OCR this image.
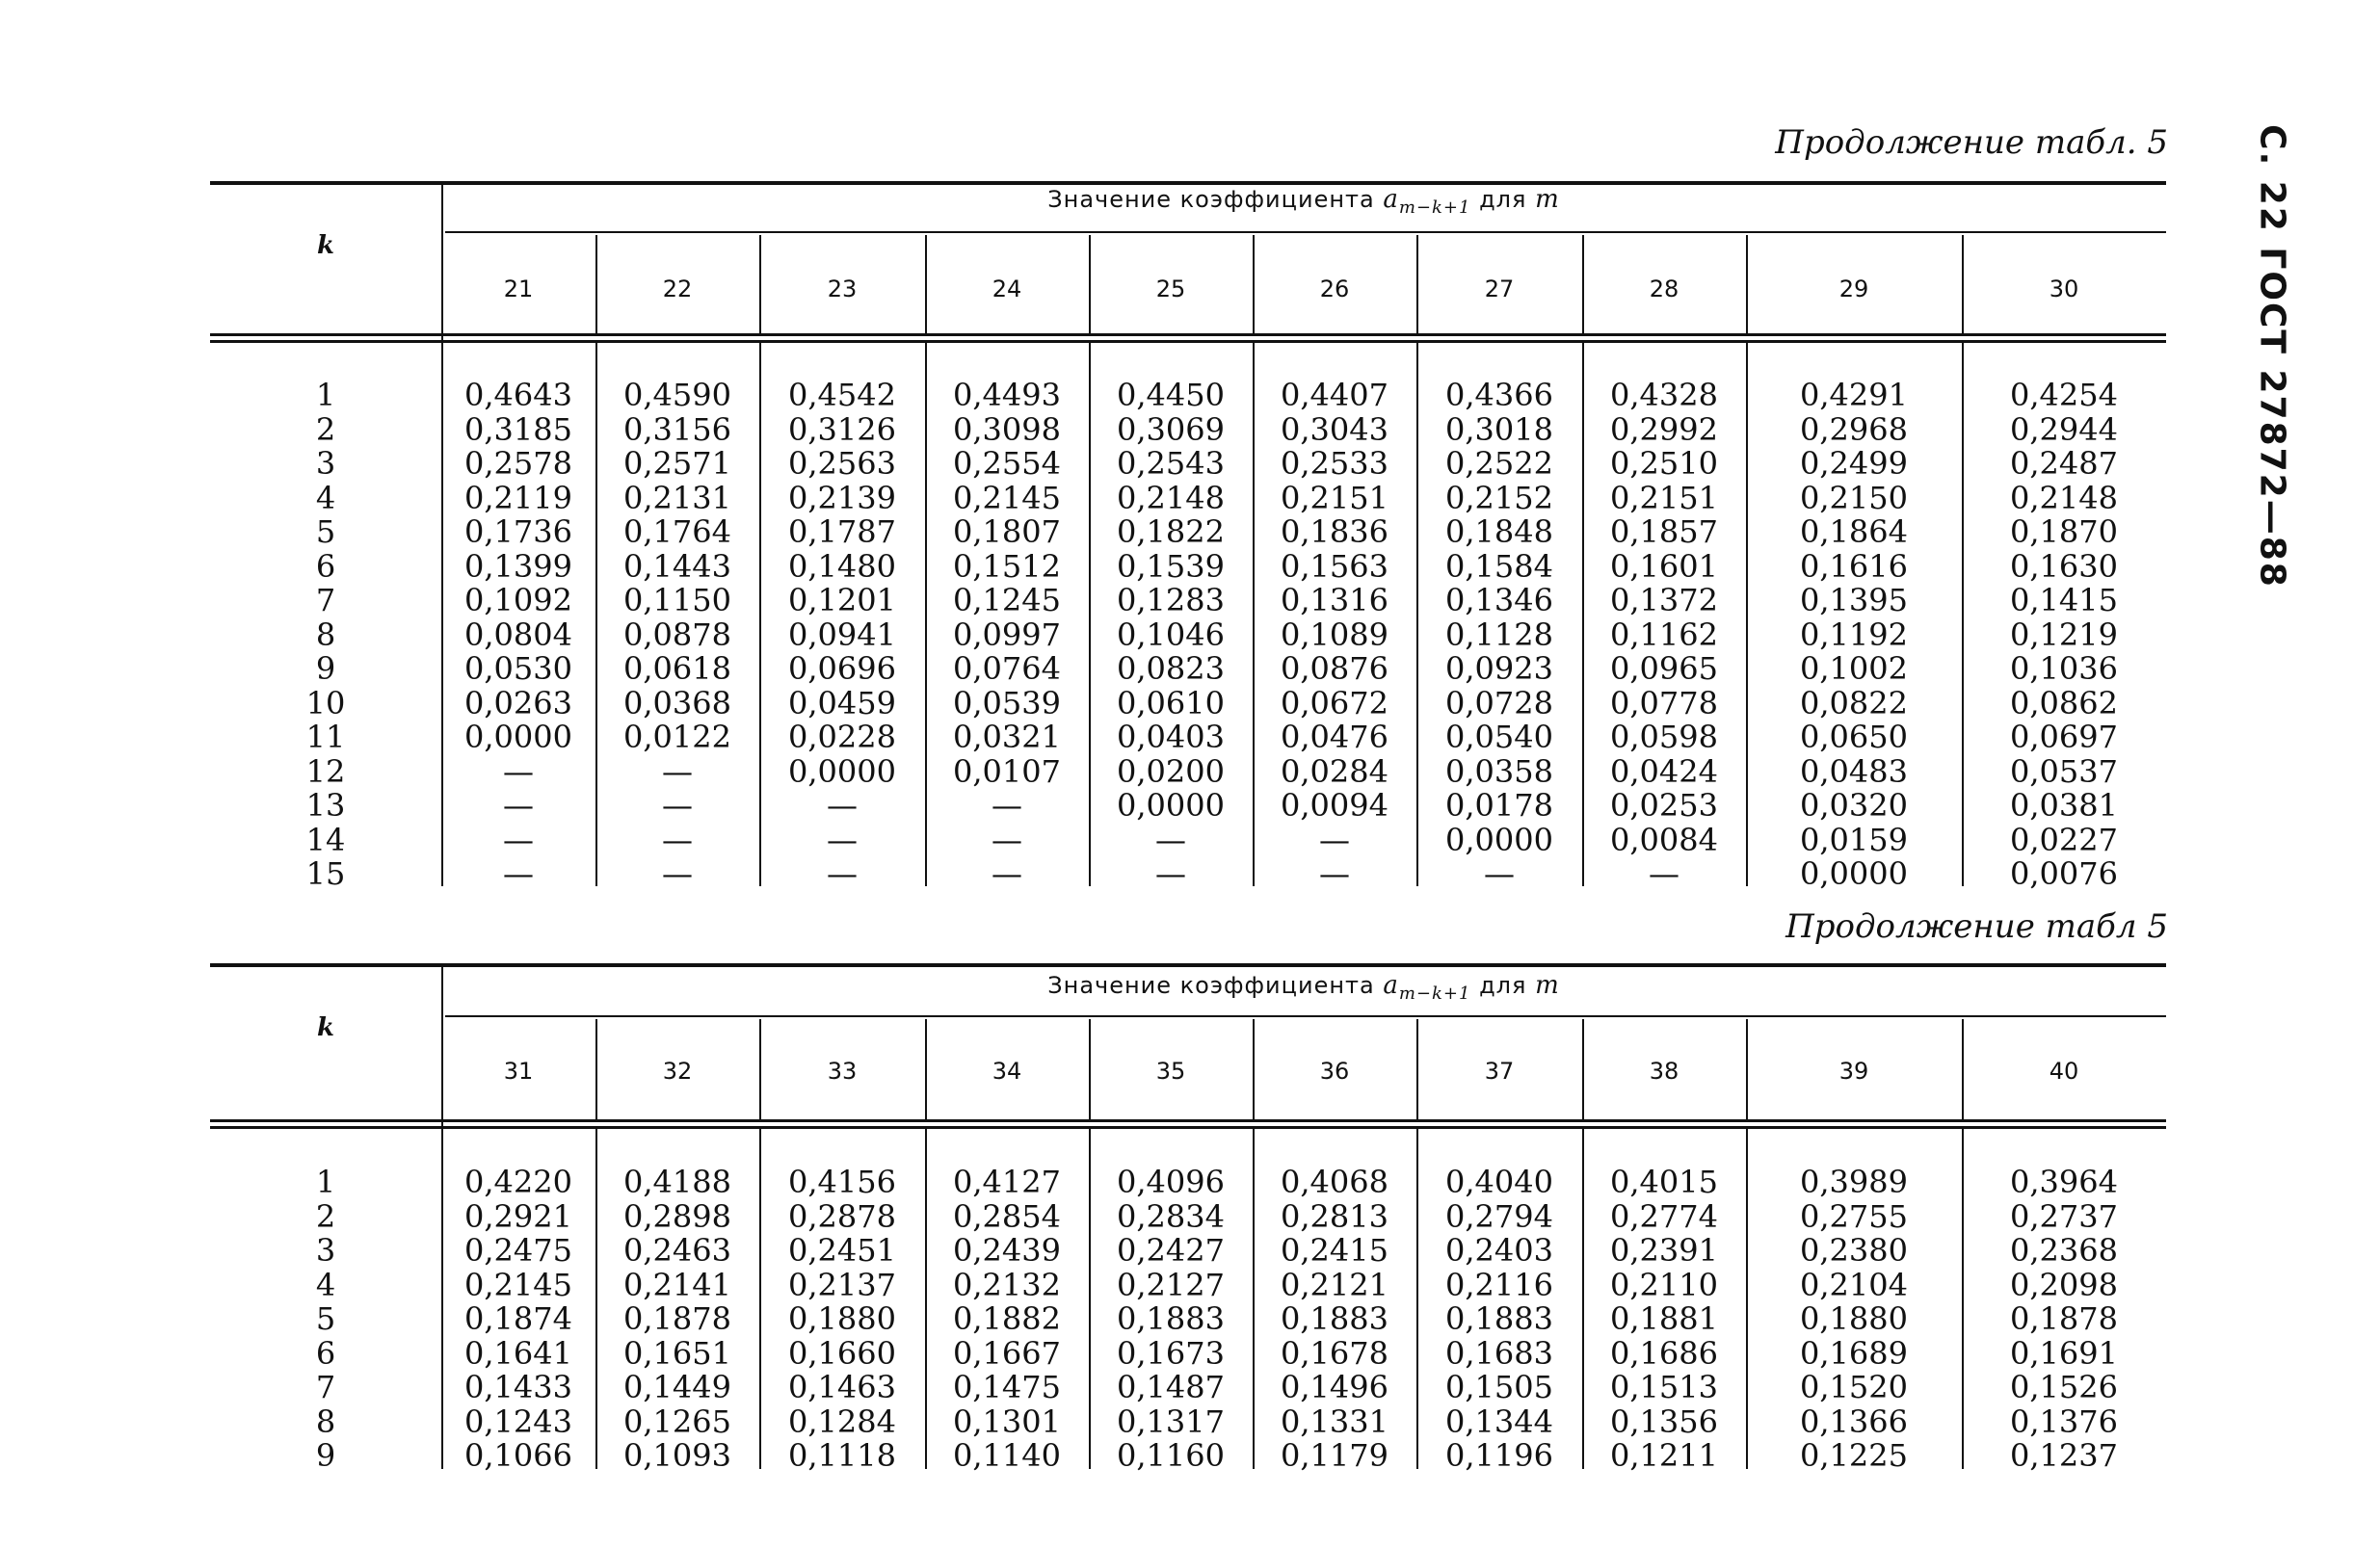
С. 22 ГОСТ 27872—88
Продолжение табл. 5
k
Значение коэффициента $a_{m-k+1}$ для m
21
0,4643
0,3185
0,2578
0,2119
0,1736
0,1399
0,1092
0,0804
0,0530
0,0263
0,0000
—
—
—
—
22
0,4590
0,3156
0,2571
0,2131
0,1764
0,1443
0,1150
0,0878
0,0618
0,0368
0,0122
—
—
—
—
23
0,4542
0,3126
0,2563
0,2139
0,1787
0,1480
0,1201
0,0941
0,0696
0,0459
0,0228
0,0000
—
—
—
24
0,4493
0,3098
0,2554
0,2145
0,1807
0,1512
0,1245
0,0997
0,0764
0,0539
0,0321
0,0107
—
—
—
25
0,4450
0,3069
0,2543
0,2148
0,1822
0,1539
0,1283
0,1046
0,0823
0,0610
0,0403
0,0200
0,0000
—
—
26
0,4407
0,3043
0,2533
0,2151
0,1836
0,1563
0,1316
0,1089
0,0876
0,0672
0,0476
0,0284
0,0094
—
—
27
0,4366
0,3018
0,2522
0,2152
0,1848
0,1584
0,1346
0,1128
0,0923
0,0728
0,0540
0,0358
0,0178
0,0000
—
28
0,4328
0,2992
0,2510
0,2151
0,1857
0,1601
0,1372
0,1162
0,0965
0,0778
0,0598
0,0424
0,0253
0,0084
—
29
0,4291
0,2968
0,2499
0,2150
0,1864
0,1616
0,1395
0,1192
0,1002
0,0822
0,0650
0,0483
0,0320
0,0159
0,0000
30
0,4254
0,2944
0,2487
0,2148
0,1870
0,1630
0,1415
0,1219
0,1036
0,0862
0,0697
0,0537
0,0381
0,0227
0,0076
1
2
3
4
5
6
7
8
9
10
11
12
13
14
15
Продолжение табл 5
k
Значение коэффициента $a_{m-k+1}$ для m
31
0,4220
0,2921
0,2475
0,2145
0,1874
0,1641
0,1433
0,1243
0,1066
32
0,4188
0,2898
0,2463
0,2141
0,1878
0,1651
0,1449
0,1265
0,1093
33
0,4156
0,2878
0,2451
0,2137
0,1880
0,1660
0,1463
0,1284
0,1118
34
0,4127
0,2854
0,2439
0,2132
0,1882
0,1667
0,1475
0,1301
0,1140
35
0,4096
0,2834
0,2427
0,2127
0,1883
0,1673
0,1487
0,1317
0,1160
36
0,4068
0,2813
0,2415
0,2121
0,1883
0,1678
0,1496
0,1331
0,1179
37
0,4040
0,2794
0,2403
0,2116
0,1883
0,1683
0,1505
0,1344
0,1196
38
0,4015
0,2774
0,2391
0,2110
0,1881
0,1686
0,1513
0,1356
0,1211
39
0,3989
0,2755
0,2380
0,2104
0,1880
0,1689
0,1520
0,1366
0,1225
40
0,3964
0,2737
0,2368
0,2098
0,1878
0,1691
0,1526
0,1376
0,1237
1
2
3
4
5
6
7
8
9
